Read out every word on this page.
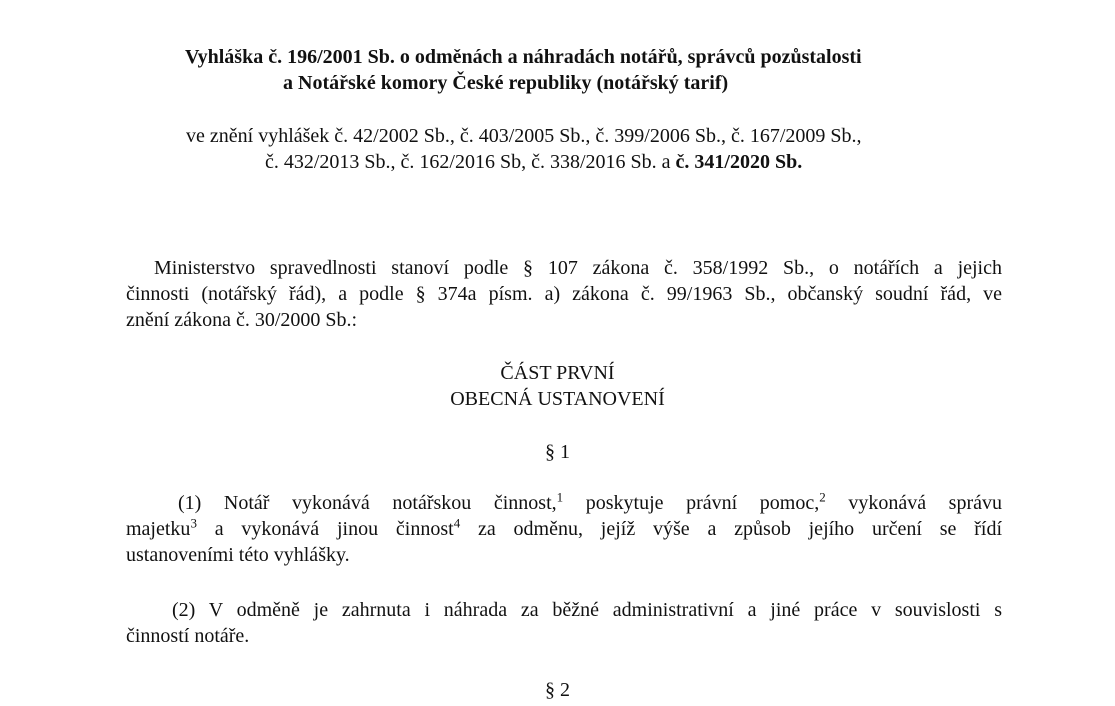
Vyhláška č. 196/2001 Sb. o odměnách a náhradách notářů, správců pozůstalosti
a Notářské komory České republiky (notářský tarif)
ve znění vyhlášek č. 42/2002 Sb., č. 403/2005 Sb., č. 399/2006 Sb., č. 167/2009 Sb.,
č. 432/2013 Sb., č. 162/2016 Sb, č. 338/2016 Sb. a č. 341/2020 Sb.
Ministerstvo spravedlnosti stanoví podle § 107 zákona č. 358/1992 Sb., o notářích a jejich
činnosti (notářský řád), a podle § 374a písm. a) zákona č. 99/1963 Sb., občanský soudní řád, ve
znění zákona č. 30/2000 Sb.:
ČÁST PRVNÍ
OBECNÁ USTANOVENÍ
§ 1
(1) Notář vykonává notářskou činnost,$^1$ poskytuje právní pomoc,$^2$ vykonává správu
majetku$^3$ a vykonává jinou činnost$^4$ za odměnu, jejíž výše a způsob jejího určení se řídí
ustanoveními této vyhlášky.
(2) V odměně je zahrnuta i náhrada za běžné administrativní a jiné práce v souvislosti s
činností notáře.
§ 2
